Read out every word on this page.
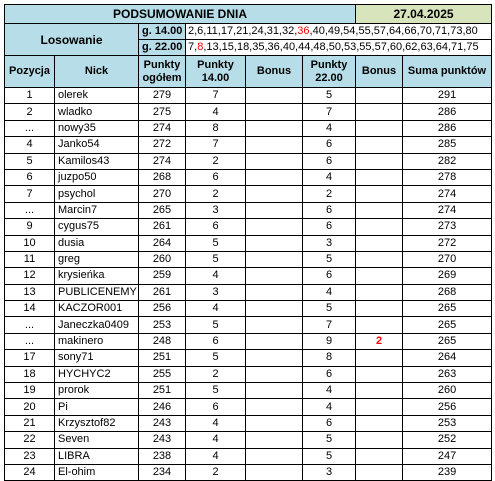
PODSUMOWANIE DNIA						27.04.2025	
Losowanie		g. 14.00	2,6,11,17,21,24,31,32,36,40,49,54,55,57,64,66,70,71,73,80				
		g. 22.00	7,8,13,15,18,35,36,40,44,48,50,53,55,57,60,62,63,64,71,75				
Pozycja	Nick	Punkty ogółem	Punkty 14.00	Bonus	Punkty 22.00	Bonus	Suma punktów
1	olerek	279	7		5		291
2	wladko	275	4		7		286
...	nowy35	274	8		4		286
4	Janko54	272	7		6		285
5	Kamilos43	274	2		6		282
6	juzpo50	268	6		4		278
7	psychol	270	2		2		274
...	Marcin7	265	3		6		274
9	cygus75	261	6		6		273
10	dusia	264	5		3		272
11	greg	260	5		5		270
12	krysieńka	259	4		6		269
13	PUBLICENEMY	261	3		4		268
14	KACZOR001	256	4		5		265
...	Janeczka0409	253	5		7		265
...	makinero	248	6		9	2	265
17	sony71	251	5		8		264
18	HYCHYC2	255	2		6		263
19	prorok	251	5		4		260
20	Pi	246	6		4		256
21	Krzysztof82	243	4		6		253
22	Seven	243	4		5		252
23	LIBRA	238	4		5		247
24	El-ohim	234	2		3		239
